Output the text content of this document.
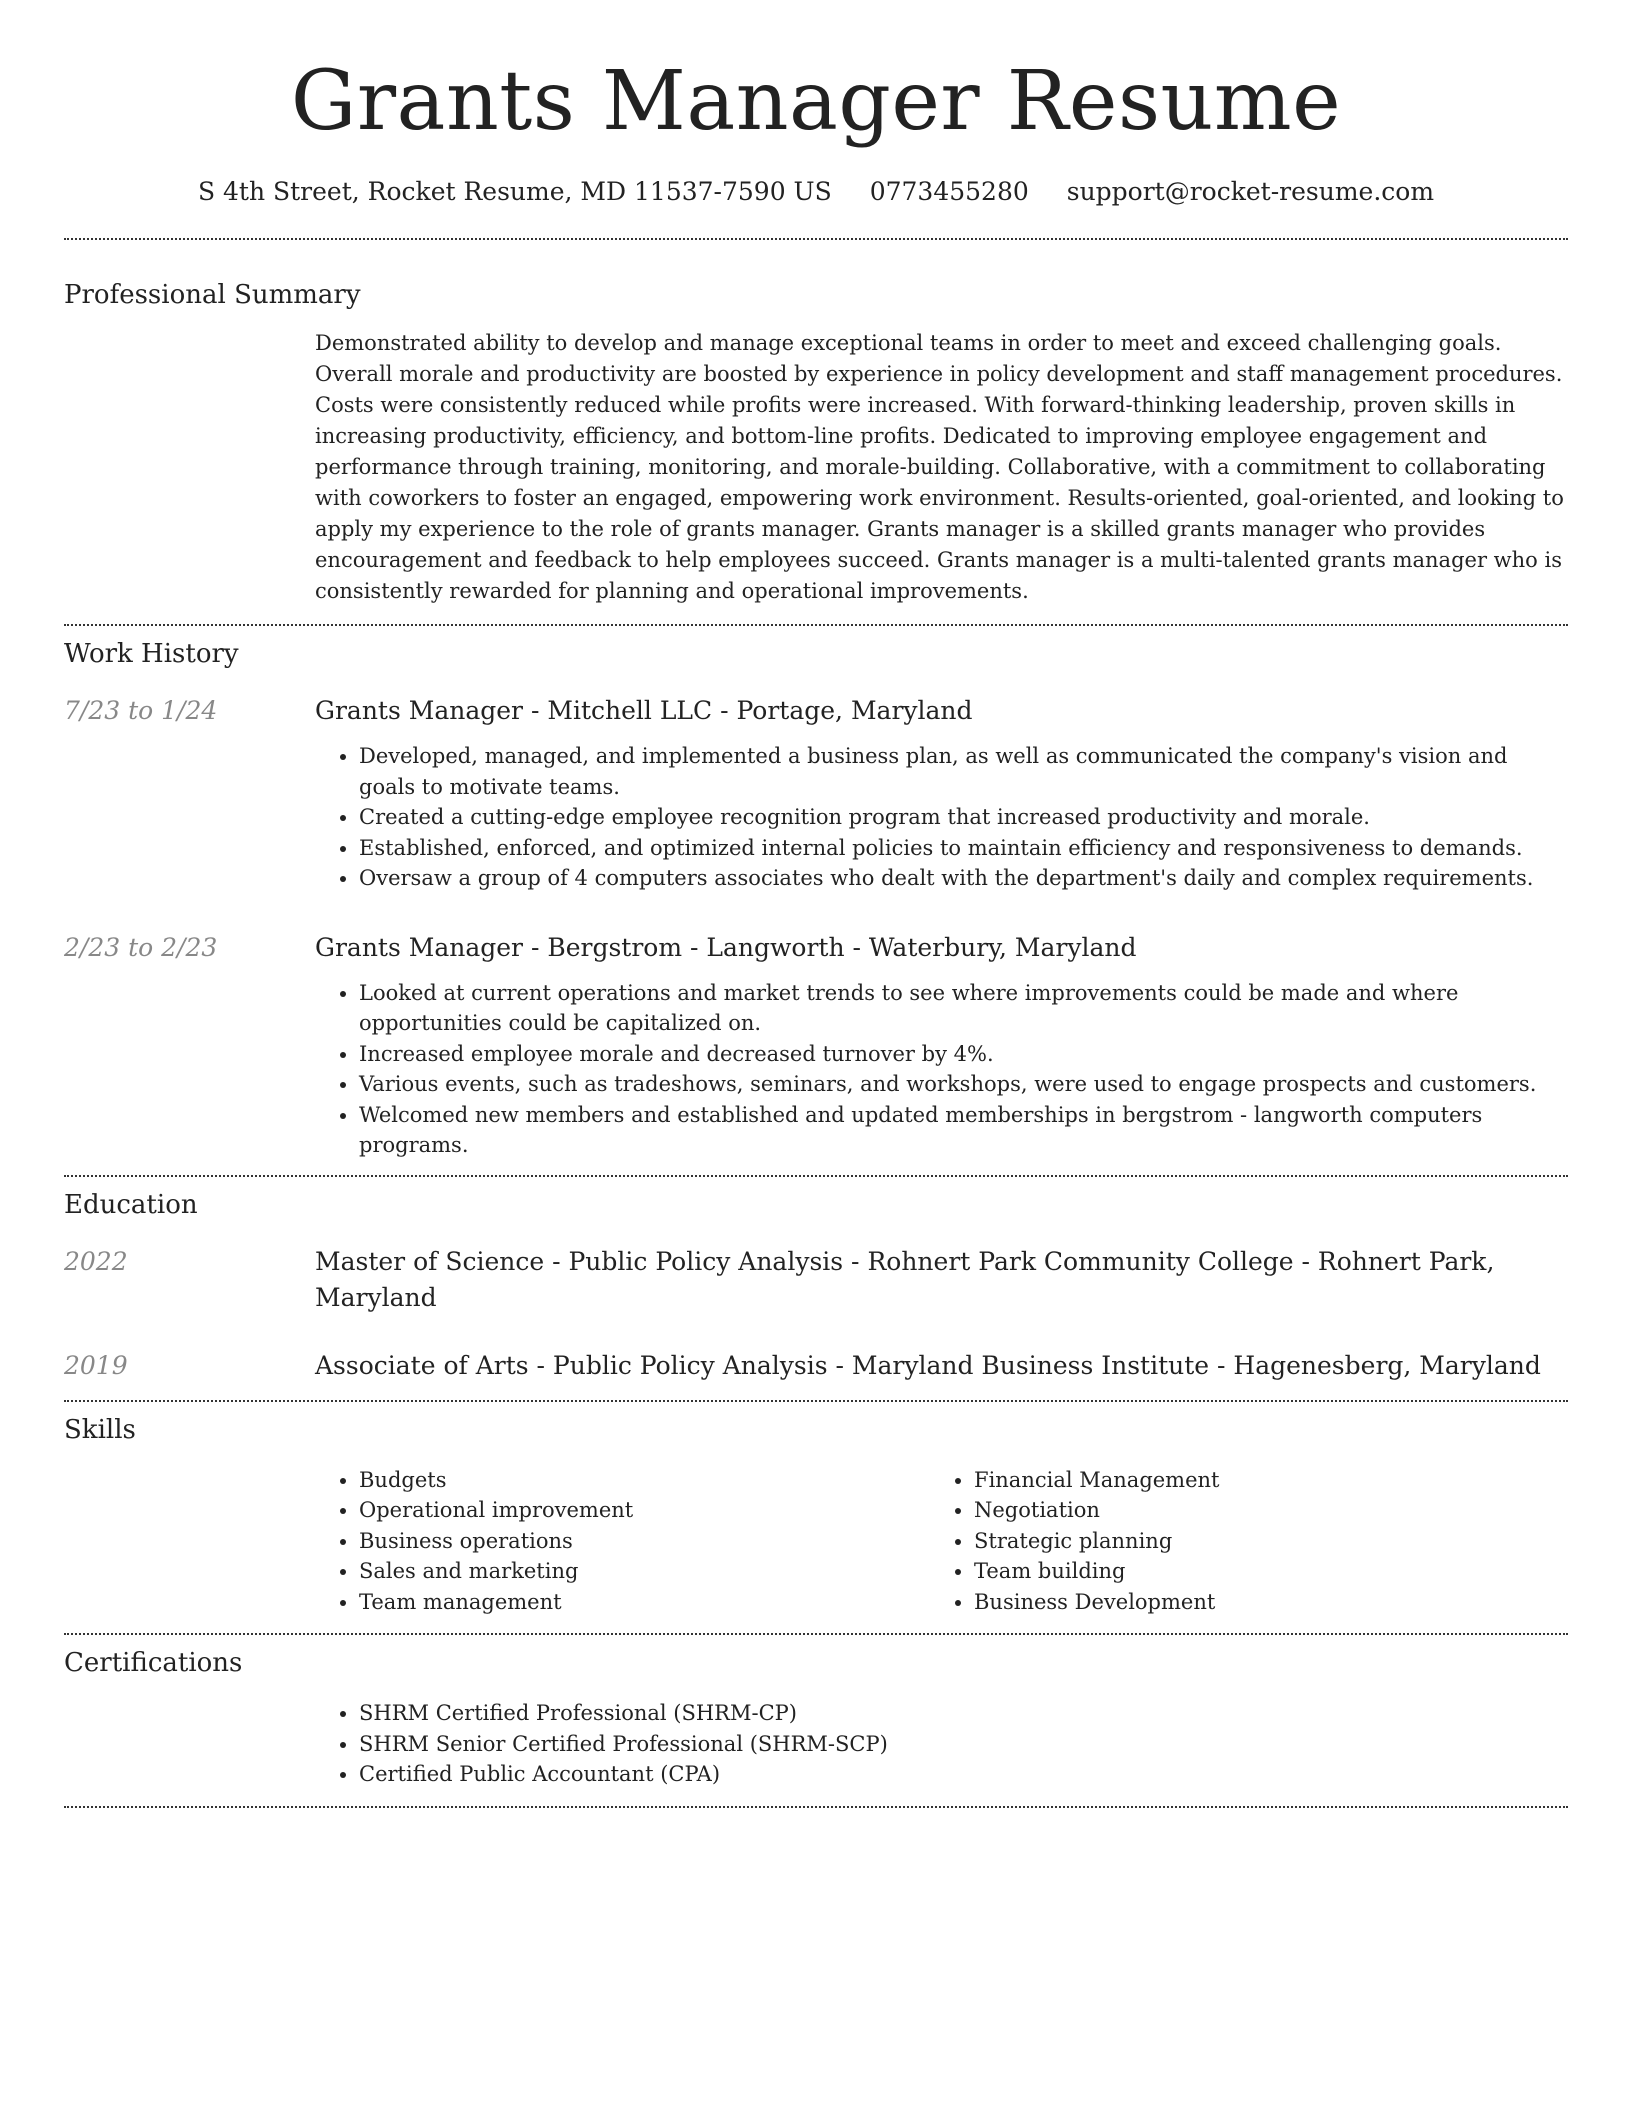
Grants Manager Resume
S 4th Street, Rocket Resume, MD 11537-7590 US 0773455280 support@rocket-resume.com
Professional Summary
Demonstrated ability to develop and manage exceptional teams in order to meet and exceed challenging goals. Overall morale and productivity are boosted by experience in policy development and staff management procedures. Costs were consistently reduced while profits were increased. With forward-thinking leadership, proven skills in increasing productivity, efficiency, and bottom-line profits. Dedicated to improving employee engagement and performance through training, monitoring, and morale-building. Collaborative, with a commitment to collaborating with coworkers to foster an engaged, empowering work environment. Results-oriented, goal-oriented, and looking to apply my experience to the role of grants manager. Grants manager is a skilled grants manager who provides encouragement and feedback to help employees succeed. Grants manager is a multi-talented grants manager who is consistently rewarded for planning and operational improvements.
Work History
7/23 to 1/24	Grants Manager - Mitchell LLC - Portage, Maryland
• Developed, managed, and implemented a business plan, as well as communicated the company's vision and goals to motivate teams.
• Created a cutting-edge employee recognition program that increased productivity and morale.
• Established, enforced, and optimized internal policies to maintain efficiency and responsiveness to demands.
• Oversaw a group of 4 computers associates who dealt with the department's daily and complex requirements.
2/23 to 2/23	Grants Manager - Bergstrom - Langworth - Waterbury, Maryland
• Looked at current operations and market trends to see where improvements could be made and where opportunities could be capitalized on.
• Increased employee morale and decreased turnover by 4%.
• Various events, such as tradeshows, seminars, and workshops, were used to engage prospects and customers.
• Welcomed new members and established and updated memberships in bergstrom - langworth computers programs.
Education
2022	Master of Science - Public Policy Analysis - Rohnert Park Community College - Rohnert Park, Maryland
2019	Associate of Arts - Public Policy Analysis - Maryland Business Institute - Hagenesberg, Maryland
Skills
• Budgets
• Operational improvement
• Business operations
• Sales and marketing
• Team management
• Financial Management
• Negotiation
• Strategic planning
• Team building
• Business Development
Certifications
• SHRM Certified Professional (SHRM-CP)
• SHRM Senior Certified Professional (SHRM-SCP)
• Certified Public Accountant (CPA)
